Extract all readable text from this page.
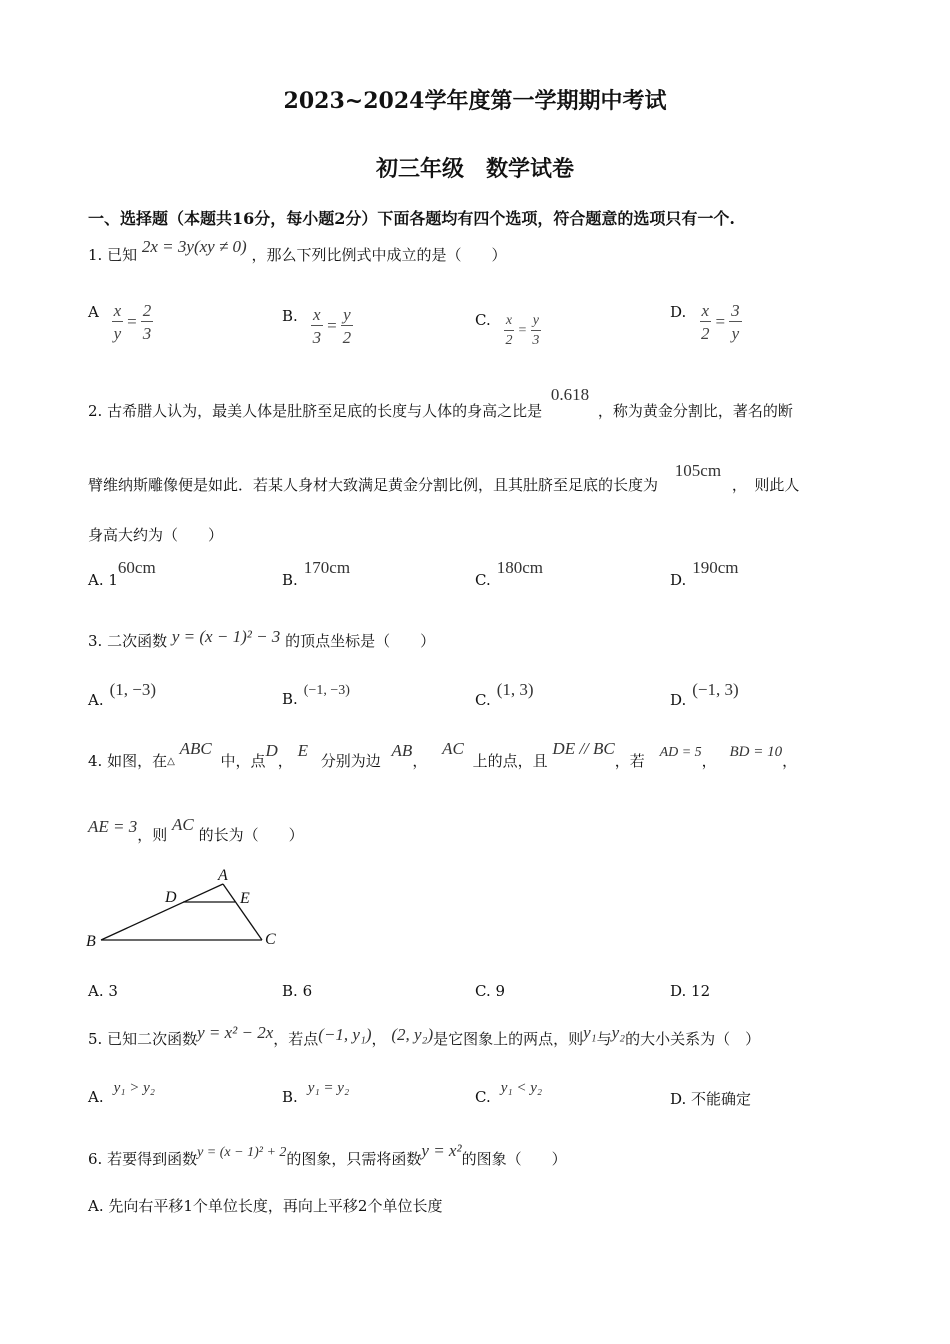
2023~2024学年度第一学期期中考试
初三年级　数学试卷
一、选择题（本题共16分，每小题2分）下面各题均有四个选项，符合题意的选项只有一个.
1. 已知 2x = 3y(xy ≠ 0) ，那么下列比例式中成立的是（　　）
A $\frac{x}{y} = \frac{2}{3}$	B. $\frac{x}{3} = \frac{y}{2}$	C. $\frac{x}{2} = \frac{y}{3}$
D. $\frac{x}{2} = \frac{3}{y}$
2. 古希腊人认为，最美人体是肚脐至足底的长度与人体的身高之比是 0.618 ，称为黄金分割比，著名的断
臂维纳斯雕像便是如此．若某人身材大致满足黄金分割比例，且其肚脐至足底的长度为 105cm ，　则此人
身高大约为（　　）
A. 160cm
B.170cm
C.180cm
D.190cm
3. 二次函数 y = (x − 1)² − 3 的顶点坐标是（　　）
A.(1, −3)	B. (−1, −3)
C.(1, 3)
D.(−1, 3)
4. 如图，在△ ABC 中，点D， E 分别为边 AB， AC 上的点，且 DE // BC，若 AD = 5， BD = 10，
AE = 3，则 AC 的长为（　　）
A
B	C
D	E
A. 3	B. 6	C. 9	D. 12
5. 已知二次函数y = x² − 2x，若点(−1, y₁)， (2, y₂)是它图象上的两点，则y₁与y₂的大小关系为（　）
A. y₁ > y₂	B. y₁ = y₂	C. y₁ < y₂
D. 不能确定
6. 若要得到函数y = (x − 1)² + 2的图象，只需将函数y = x²的图象（　　）
A. 先向右平移1个单位长度，再向上平移2个单位长度
